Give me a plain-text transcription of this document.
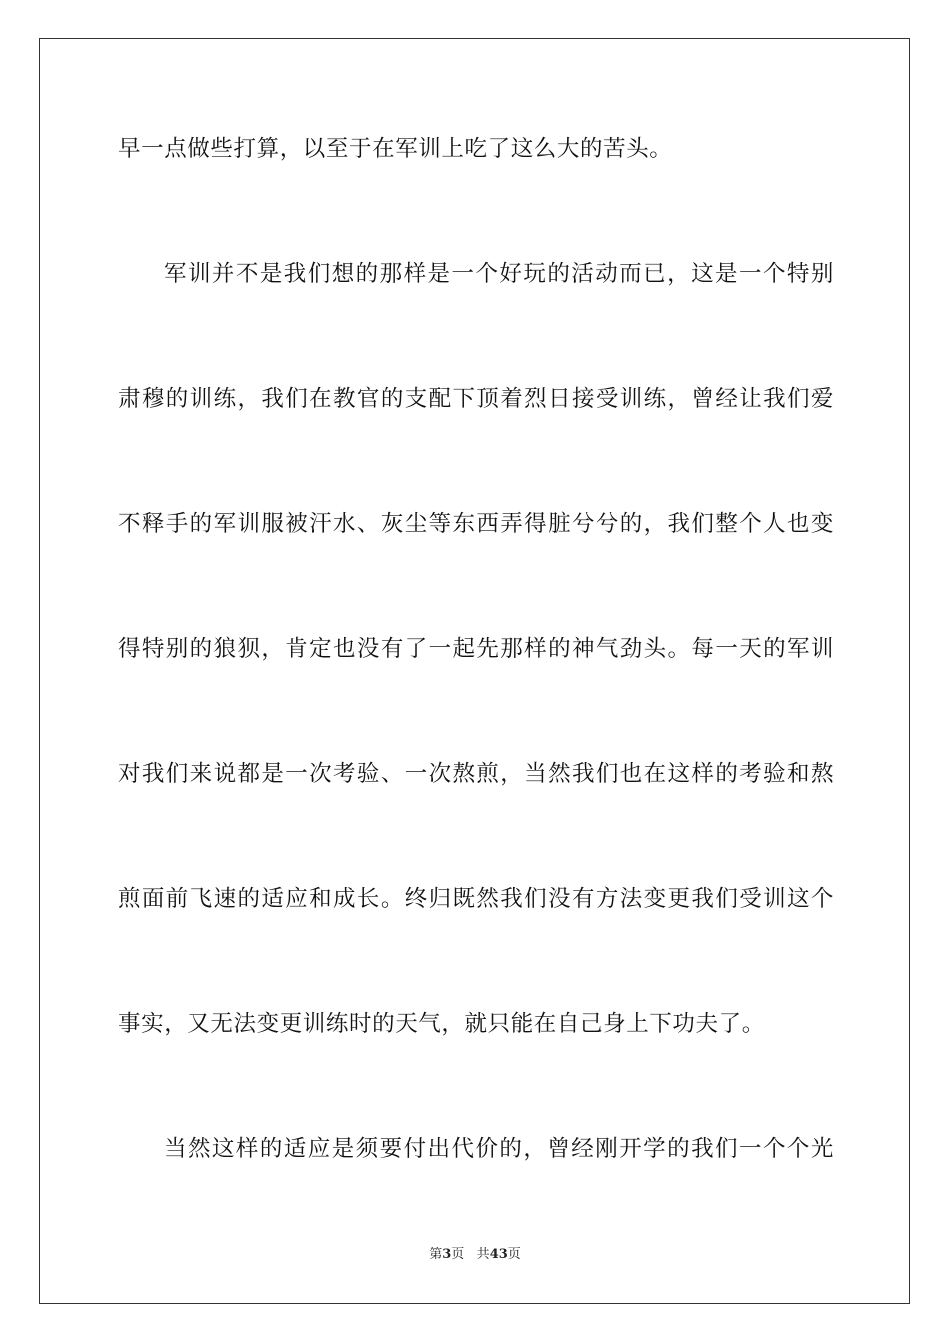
早一点做些打算，以至于在军训上吃了这么大的苦头。
军训并不是我们想的那样是一个好玩的活动而已，这是一个特别
肃穆的训练，我们在教官的支配下顶着烈日接受训练，曾经让我们爱
不释手的军训服被汗水、灰尘等东西弄得脏兮兮的，我们整个人也变
得特别的狼狈，肯定也没有了一起先那样的神气劲头。每一天的军训
对我们来说都是一次考验、一次熬煎，当然我们也在这样的考验和熬
煎面前飞速的适应和成长。终归既然我们没有方法变更我们受训这个
事实，又无法变更训练时的天气，就只能在自己身上下功夫了。
当然这样的适应是须要付出代价的，曾经刚开学的我们一个个光
第3页 共43页
